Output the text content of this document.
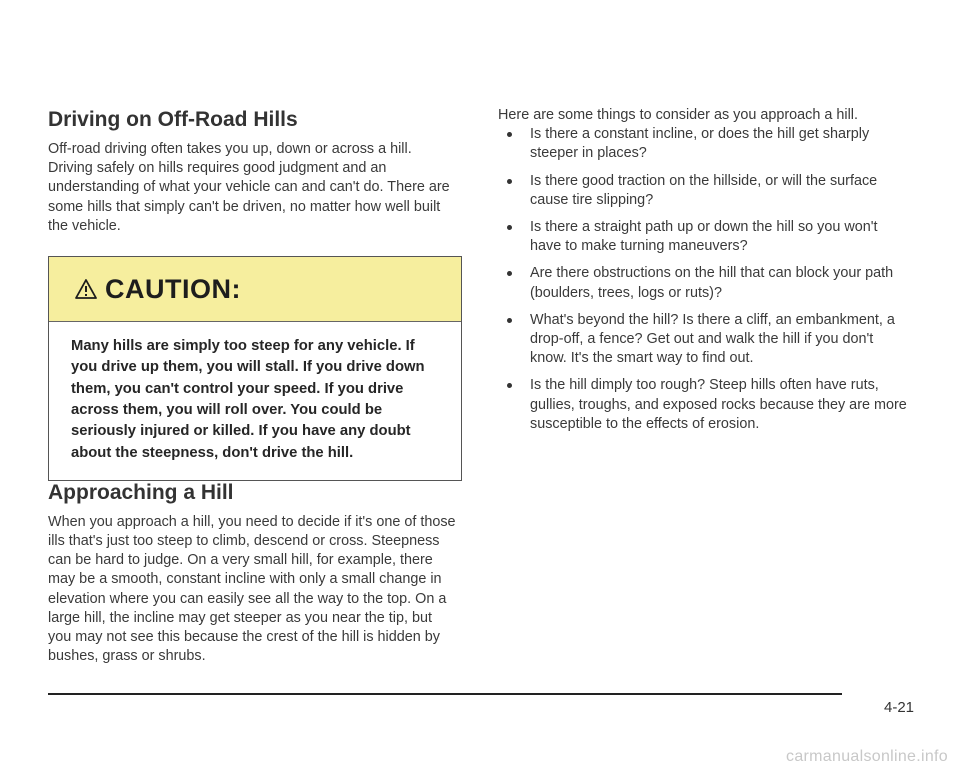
Driving on Off-Road Hills

Off-road driving often takes you up, down or across a hill. Driving safely on hills requires good judgment and an understanding of what your vehicle can and can't do. There are some hills that simply can't be driven, no matter how well built the vehicle.

CAUTION:
Many hills are simply too steep for any vehicle. If you drive up them, you will stall. If you drive down them, you can't control your speed. If you drive across them, you will roll over. You could be seriously injured or killed. If you have any doubt about the steepness, don't drive the hill.
Approaching a Hill

When you approach a hill, you need to decide if it's one of those ills that's just too steep to climb, descend or cross. Steepness can be hard to judge. On a very small hill, for example, there may be a smooth, constant incline with only a small change in elevation where you can easily see all the way to the top. On a large hill, the incline may get steeper as you near the tip, but you may not see this because the crest of the hill is hidden by bushes, grass or shrubs.

Here are some things to consider as you approach a hill.

Is there a constant incline, or does the hill get sharply steeper in places?
Is there good traction on the hillside, or will the surface cause tire slipping?
Is there a straight path up or down the hill so you won't have to make turning maneuvers?
Are there obstructions on the hill that can block your path (boulders, trees, logs or ruts)?
What's beyond the hill? Is there a cliff, an embankment, a drop-off, a fence? Get out and walk the hill if you don't know. It's the smart way to find out.
Is the hill dimply too rough? Steep hills often have ruts, gullies, troughs, and exposed rocks because they are more susceptible to the effects of erosion.
4-21
carmanualsonline.info
